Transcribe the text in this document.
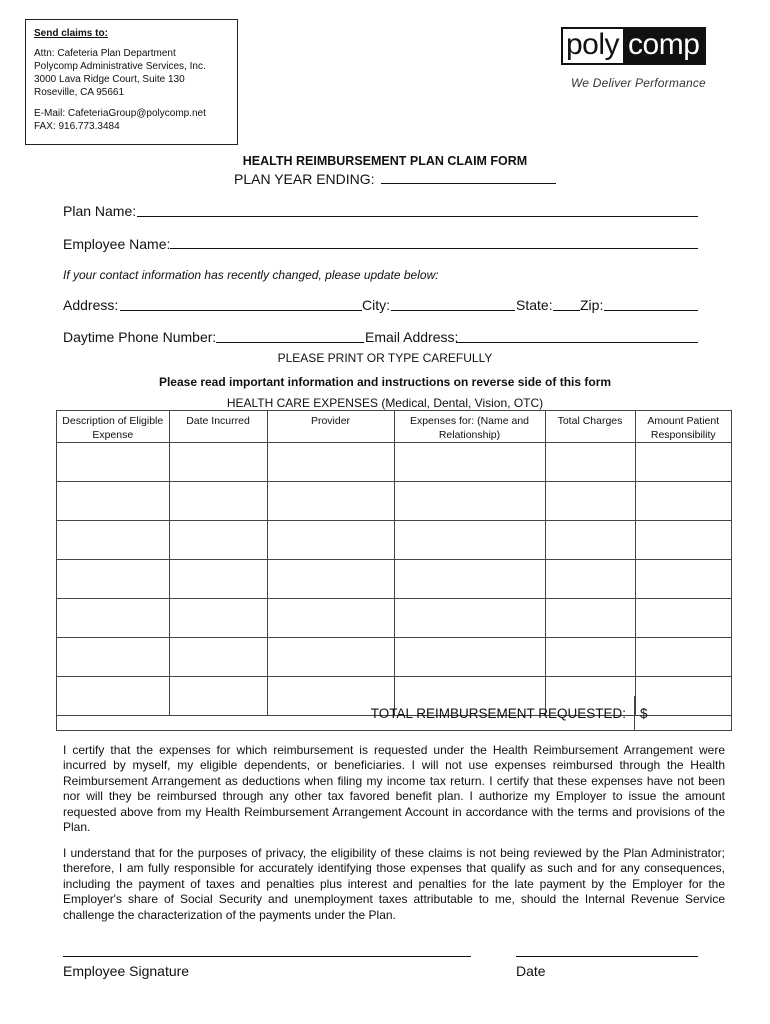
Send claims to:
Attn: Cafeteria Plan Department
Polycomp Administrative Services, Inc.
3000 Lava Ridge Court, Suite 130
Roseville, CA 95661
E-Mail: CafeteriaGroup@polycomp.net
FAX: 916.773.3484
poly comp
We Deliver Performance
HEALTH REIMBURSEMENT PLAN CLAIM FORM
PLAN YEAR ENDING:
Plan Name:
Employee Name:
If your contact information has recently changed, please update below:
Address:	City:	State: Zip:
Daytime Phone Number:	Email Address:
PLEASE PRINT OR TYPE CAREFULLY
Please read important information and instructions on reverse side of this form
HEALTH CARE EXPENSES (Medical, Dental, Vision, OTC)
Description of Eligible Expense	Date Incurred	Provider	Expenses for: (Name and Relationship)	Total Charges	Amount Patient Responsibility

TOTAL REIMBURSEMENT REQUESTED:	$
I certify that the expenses for which reimbursement is requested under the Health Reimbursement Arrangement were incurred by myself, my eligible dependents, or beneficiaries. I will not use expenses reimbursed through the Health Reimbursement Arrangement as deductions when filing my income tax return. I certify that these expenses have not been nor will they be reimbursed through any other tax favored benefit plan. I authorize my Employer to issue the amount requested above from my Health Reimbursement Arrangement Account in accordance with the terms and provisions of the Plan.
I understand that for the purposes of privacy, the eligibility of these claims is not being reviewed by the Plan Administrator; therefore, I am fully responsible for accurately identifying those expenses that qualify as such and for any consequences, including the payment of taxes and penalties plus interest and penalties for the late payment by the Employer for the Employer's share of Social Security and unemployment taxes attributable to me, should the Internal Revenue Service challenge the characterization of the payments under the Plan.
Employee Signature	Date
